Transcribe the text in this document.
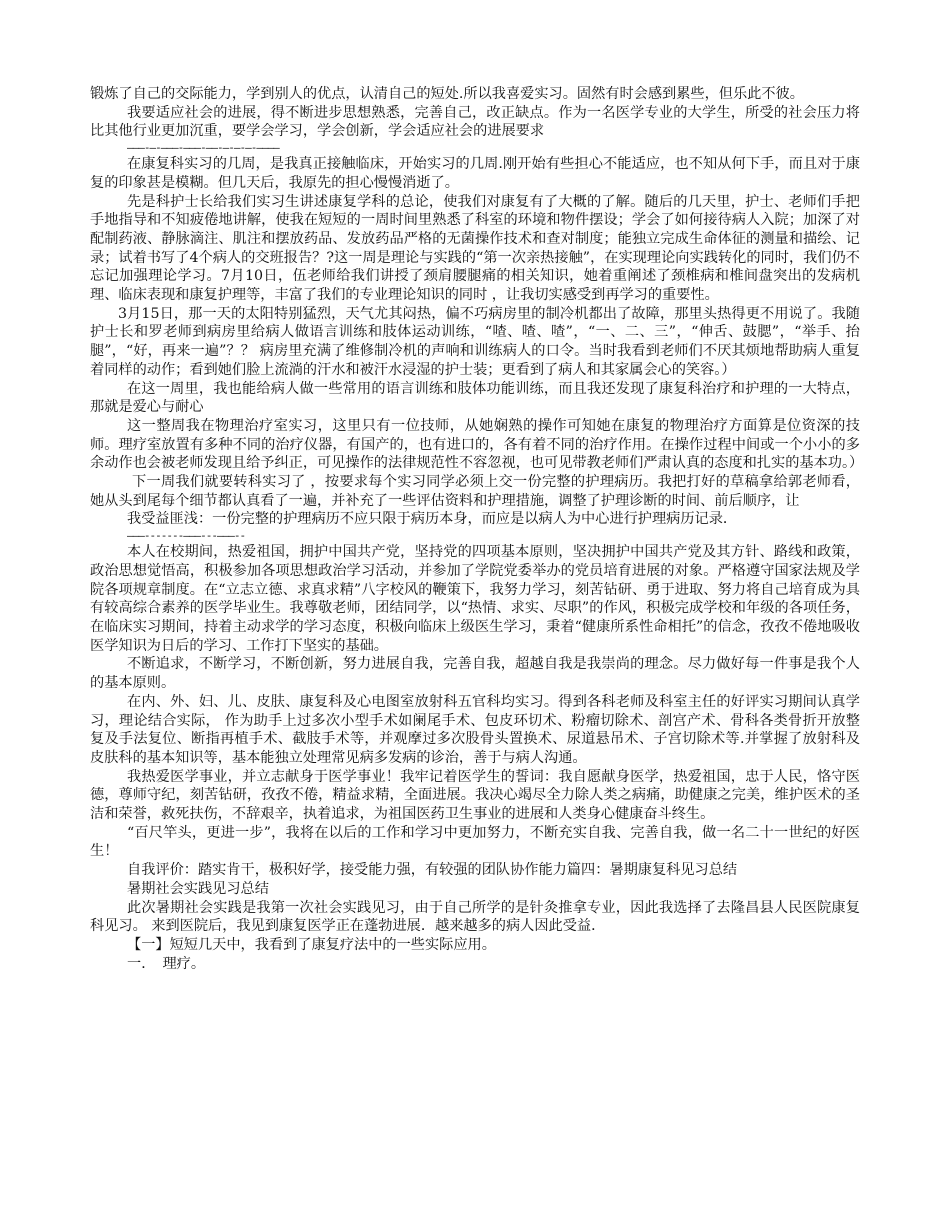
锻炼了自己的交际能力，学到别人的优点，认清自己的短处.所以我喜爱实习。固然有时会感到累些，但乐此不彼。

我要适应社会的进展，得不断进步思想熟悉，完善自己，改正缺点。作为一名医学专业的大学生，所受的社会压力将比其他行业更加沉重，要学会学习，学会创新，学会适应社会的进展要求

———-—-———-———-——-—-—-—-————

在康复科实习的几周，是我真正接触临床，开始实习的几周.刚开始有些担心不能适应，也不知从何下手，而且对于康复的印象甚是模糊。但几天后，我原先的担心慢慢消逝了。

先是科护士长给我们实习生讲述康复学科的总论，使我们对康复有了大概的了解。随后的几天里，护士、老师们手把手地指导和不知疲倦地讲解，使我在短短的一周时间里熟悉了科室的环境和物件摆设；学会了如何接待病人入院；加深了对配制药液、静脉滴注、肌注和摆放药品、发放药品严格的无菌操作技术和查对制度；能独立完成生命体征的测量和描绘、记录；试着书写了4个病人的交班报告？?这一周是理论与实践的“第一次亲热接触”，在实现理论向实践转化的同时，我们仍不忘记加强理论学习。7月10日，伍老师给我们讲授了颈肩腰腿痛的相关知识，她着重阐述了颈椎病和椎间盘突出的发病机理、临床表现和康复护理等，丰富了我们的专业理论知识的同时 ，让我切实感受到再学习的重要性。

3月15日，那一天的太阳特别猛烈，天气尤其闷热，偏不巧病房里的制冷机都出了故障，那里头热得更不用说了。我随护士长和罗老师到病房里给病人做语言训练和肢体运动训练，“喳、喳、喳”，“一、二、三”，“伸舌、鼓腮”，“举手、抬腿”，“好，再来一遍”？？ 病房里充满了维修制冷机的声响和训练病人的口令。当时我看到老师们不厌其烦地帮助病人重复着同样的动作；看到她们脸上流淌的汗水和被汗水浸湿的护士装；更看到了病人和其家属会心的笑容。）

在这一周里，我也能给病人做一些常用的语言训练和肢体功能训练，而且我还发现了康复科治疗和护理的一大特点，那就是爱心与耐心

这一整周我在物理治疗室实习，这里只有一位技师，从她娴熟的操作可知她在康复的物理治疗方面算是位资深的技师。理疗室放置有多种不同的治疗仪器，有国产的，也有进口的，各有着不同的治疗作用。在操作过程中间或一个小小的多余动作也会被老师发现且给予纠正，可见操作的法律规范性不容忽视，也可见带教老师们严肃认真的态度和扎实的基本功。）

下一周我们就要转科实习了 ，按要求每个实习同学必须上交一份完整的护理病历。我把打好的草稿拿给郭老师看，她从头到尾每个细节都认真看了一遍，并补充了一些评估资料和护理措施，调整了护理诊断的时间、前后顺序，让

我受益匪浅：一份完整的护理病历不应只限于病历本身，而应是以病人为中心进行护理病历记录．

———-------———---———--

本人在校期间，热爱祖国，拥护中国共产党，坚持党的四项基本原则，坚决拥护中国共产党及其方针、路线和政策，政治思想觉悟高，积极参加各项思想政治学习活动，并参加了学院党委举办的党员培育进展的对象。严格遵守国家法规及学院各项规章制度。在“立志立德、求真求精”八字校风的鞭策下，我努力学习，刻苦钻研、勇于进取、努力将自己培育成为具有较高综合素养的医学毕业生。我尊敬老师，团结同学，以“热情、求实、尽职”的作风，积极完成学校和年级的各项任务，在临床实习期间，持着主动求学的学习态度，积极向临床上级医生学习，秉着“健康所系性命相托”的信念，孜孜不倦地吸收医学知识为日后的学习、工作打下坚实的基础。

不断追求，不断学习，不断创新，努力进展自我，完善自我，超越自我是我崇尚的理念。尽力做好每一件事是我个人的基本原则。

在内、外、妇、儿、皮肤、康复科及心电图室放射科五官科均实习。得到各科老师及科室主任的好评实习期间认真学习，理论结合实际， 作为助手上过多次小型手术如阑尾手术、包皮环切术、粉瘤切除术、剖宫产术、骨科各类骨折开放整复及手法复位、断指再植手术、截肢手术等，并观摩过多次股骨头置换术、尿道悬吊术、子宫切除术等.并掌握了放射科及皮肤科的基本知识等，基本能独立处理常见病多发病的诊治，善于与病人沟通。

我热爱医学事业，并立志献身于医学事业！我牢记着医学生的誓词：我自愿献身医学，热爱祖国，忠于人民，恪守医德，尊师守纪，刻苦钻研，孜孜不倦，精益求精，全面进展。我决心竭尽全力除人类之病痛，助健康之完美，维护医术的圣洁和荣誉，救死扶伤，不辞艰辛，执着追求，为祖国医药卫生事业的进展和人类身心健康奋斗终生。

“百尺竿头，更进一步”，我将在以后的工作和学习中更加努力，不断充实自我、完善自我，做一名二十一世纪的好医生！

自我评价：踏实肯干，极积好学，接受能力强，有较强的团队协作能力篇四：暑期康复科见习总结

暑期社会实践见习总结

此次暑期社会实践是我第一次社会实践见习，由于自己所学的是针灸推拿专业，因此我选择了去隆昌县人民医院康复科见习。 来到医院后，我见到康复医学正在蓬勃进展．越来越多的病人因此受益．

【一】短短几天中，我看到了康复疗法中的一些实际应用。

一．　理疗。
